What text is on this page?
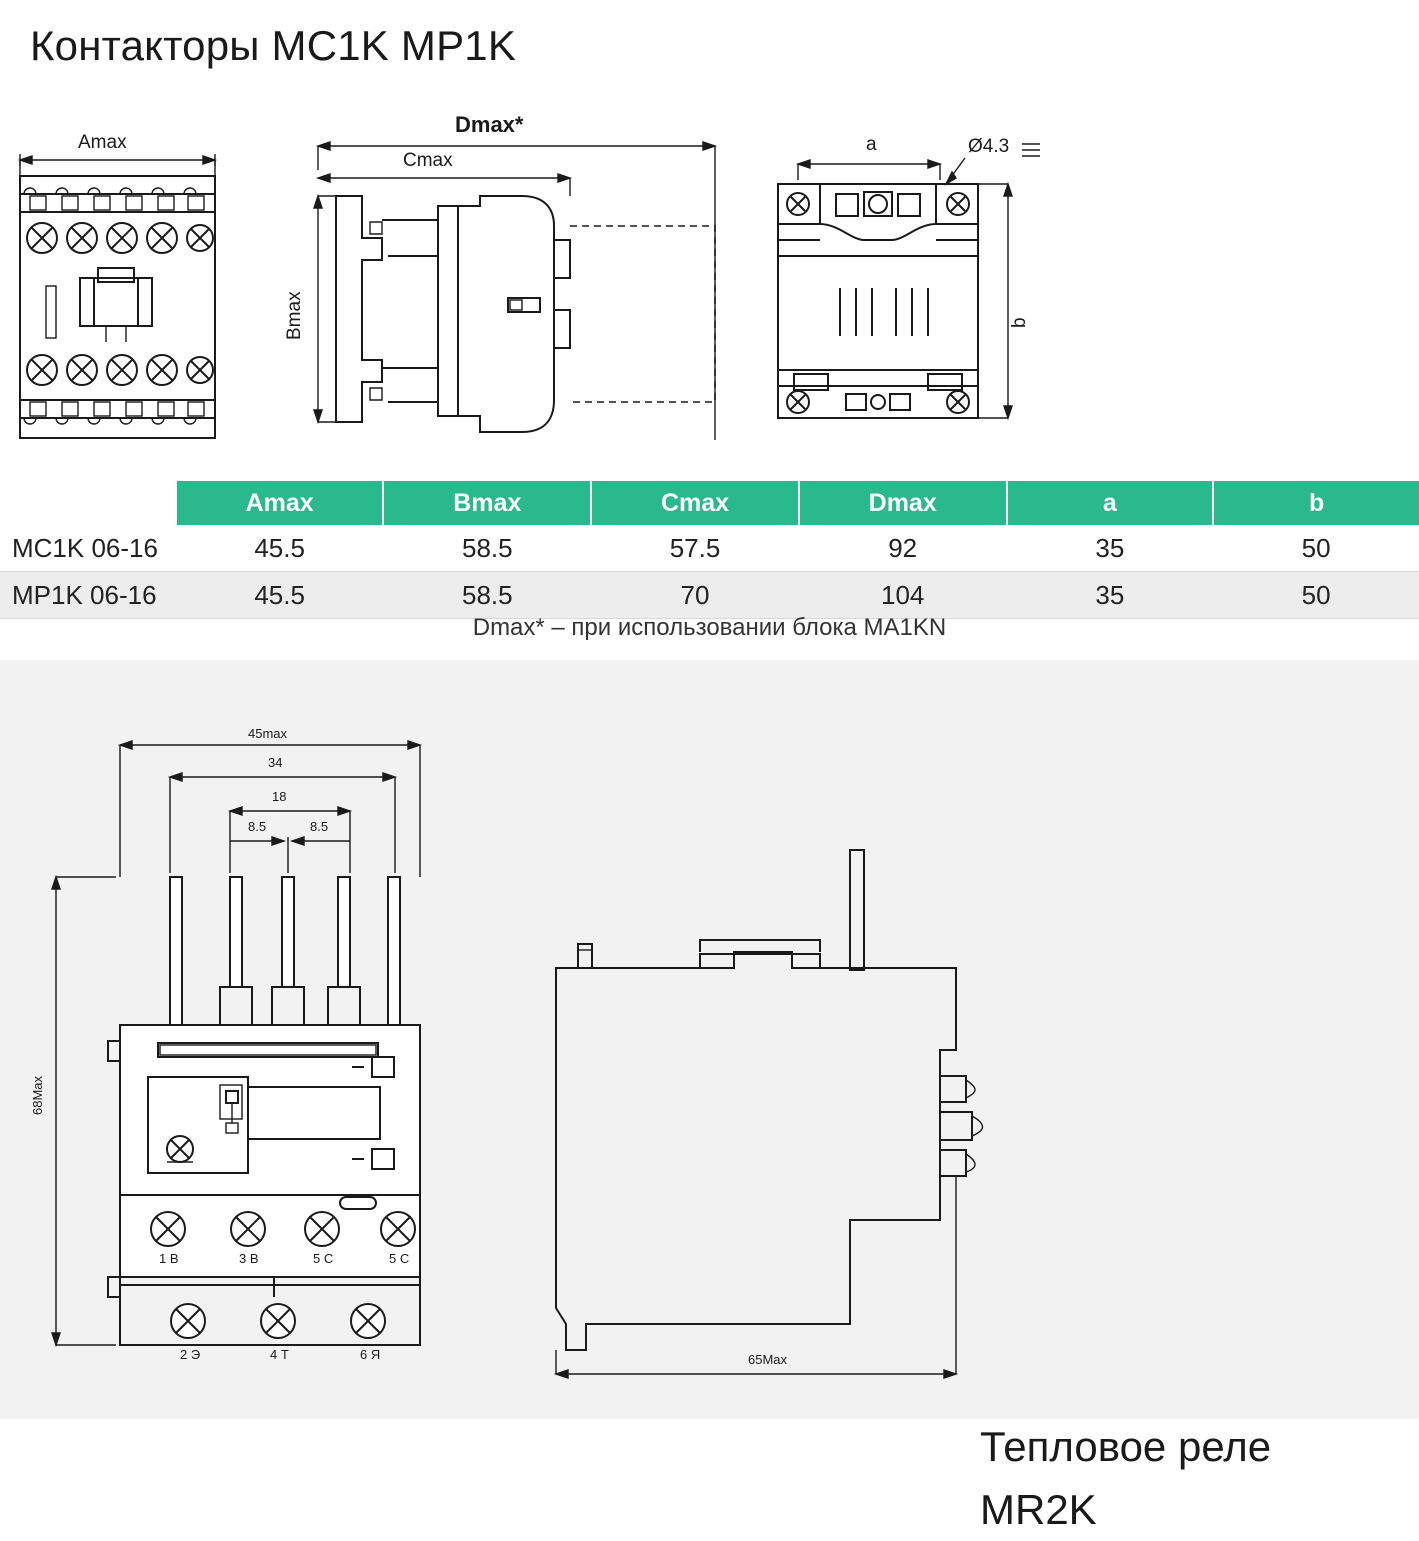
Контакторы MC1K MP1K
Amax
Dmax*
Cmax
Bmax
a	Ø4.3
b
	Amax	Bmax	Cmax	Dmax	a	b
MC1K 06-16	45.5	58.5	57.5	92	35	50
MP1K 06-16	45.5	58.5	70	104	35	50
Dmax* – при использовании блока MA1KN
Тепловое реле
MR2K
45max
34
18
8.5	8.5
68Max
1 B	3 B	5 C	5 C
2 Э	4 Т	6 Я	65Max
